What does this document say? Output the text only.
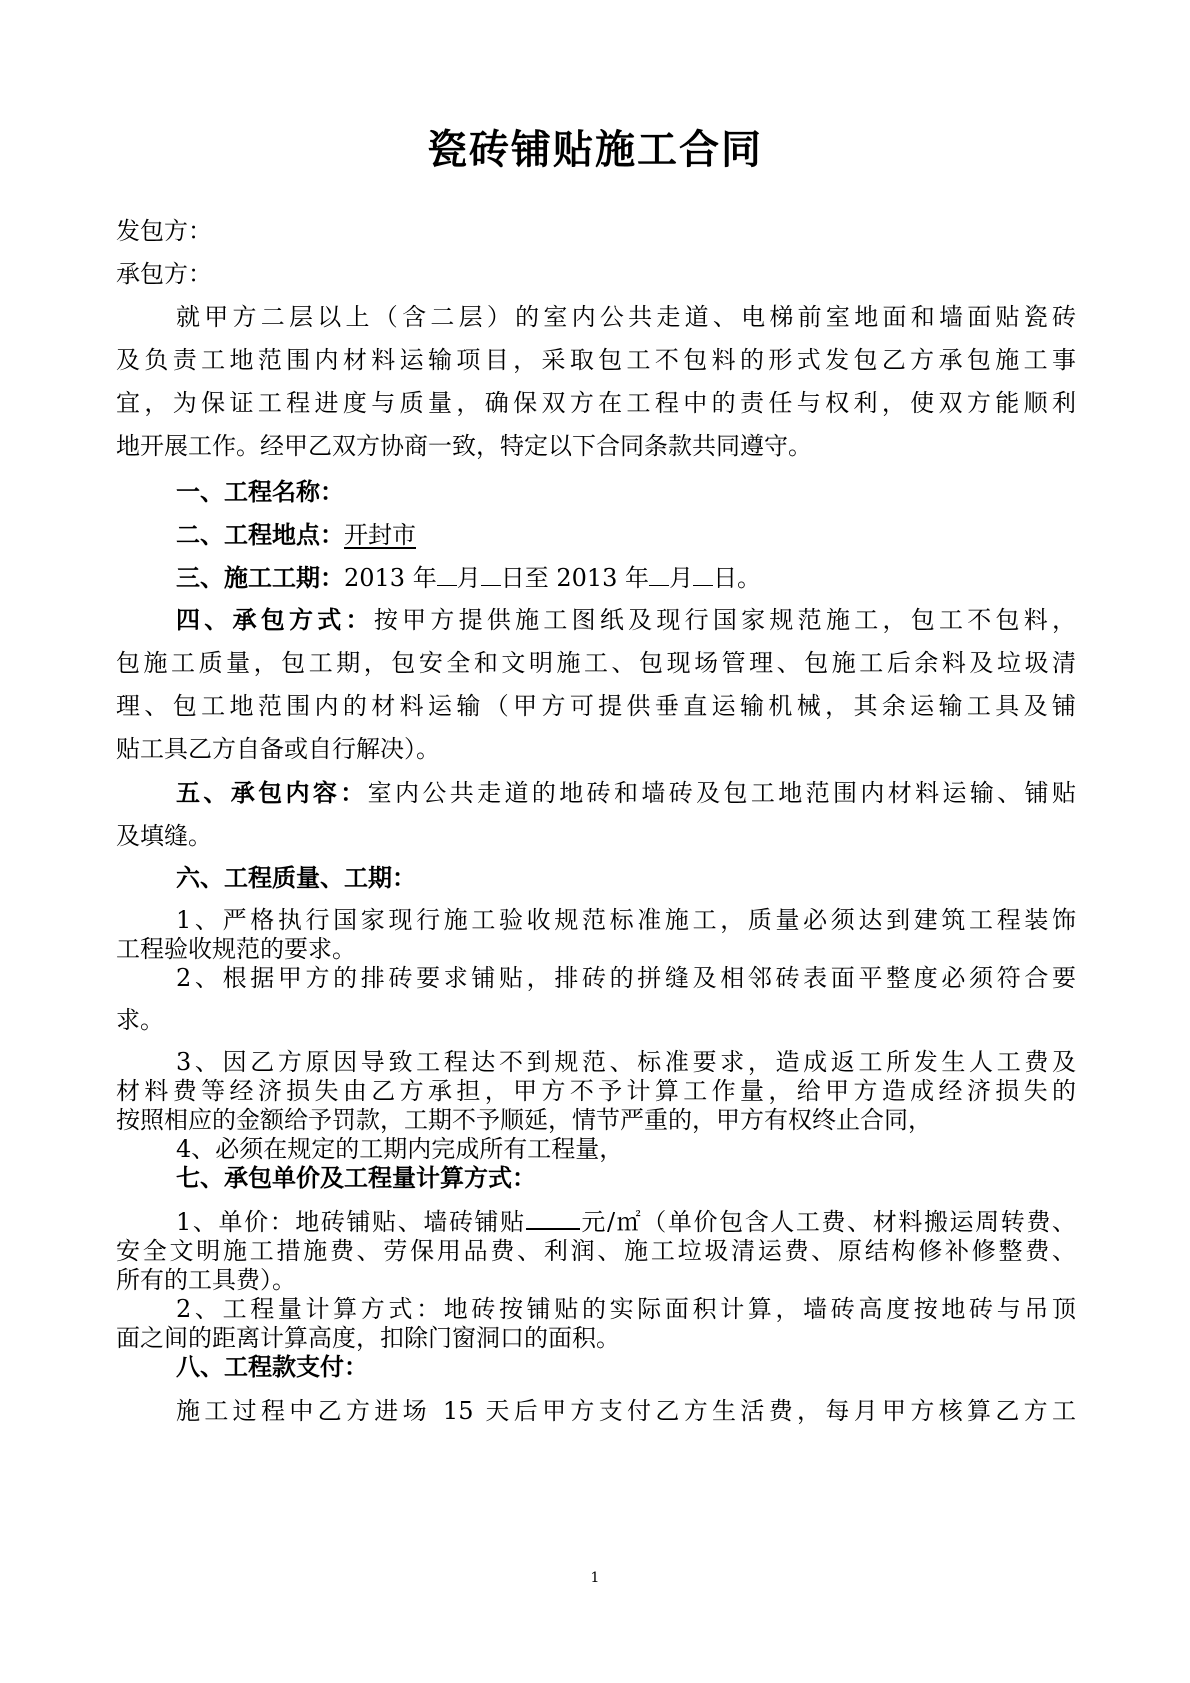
瓷砖铺贴施工合同
发包方：
承包方：
就甲方二层以上（含二层）的室内公共走道、电梯前室地面和墙面贴瓷砖
及负责工地范围内材料运输项目，采取包工不包料的形式发包乙方承包施工事
宜，为保证工程进度与质量，确保双方在工程中的责任与权利，使双方能顺利
地开展工作。经甲乙双方协商一致，特定以下合同条款共同遵守。
一、工程名称：
二、工程地点：开封市
三、施工工期：2013 年 月 日至 2013 年 月 日。
四、承包方式：按甲方提供施工图纸及现行国家规范施工，包工不包料，
包施工质量，包工期，包安全和文明施工、包现场管理、包施工后余料及垃圾清
理、包工地范围内的材料运输（甲方可提供垂直运输机械，其余运输工具及铺
贴工具乙方自备或自行解决）。
五、承包内容：室内公共走道的地砖和墙砖及包工地范围内材料运输、铺贴
及填缝。
六、工程质量、工期：
1、严格执行国家现行施工验收规范标准施工，质量必须达到建筑工程装饰
工程验收规范的要求。
2、根据甲方的排砖要求铺贴，排砖的拼缝及相邻砖表面平整度必须符合要
求。
3、因乙方原因导致工程达不到规范、标准要求，造成返工所发生人工费及
材料费等经济损失由乙方承担，甲方不予计算工作量，给甲方造成经济损失的
按照相应的金额给予罚款，工期不予顺延，情节严重的，甲方有权终止合同，
4、必须在规定的工期内完成所有工程量，
七、承包单价及工程量计算方式：
1、单价：地砖铺贴、墙砖铺贴 元/㎡（单价包含人工费、材料搬运周转费、
安全文明施工措施费、劳保用品费、利润、施工垃圾清运费、原结构修补修整费、
所有的工具费）。
2、工程量计算方式：地砖按铺贴的实际面积计算，墙砖高度按地砖与吊顶
面之间的距离计算高度，扣除门窗洞口的面积。
八、工程款支付：
施工过程中乙方进场 15 天后甲方支付乙方生活费，每月甲方核算乙方工
1
